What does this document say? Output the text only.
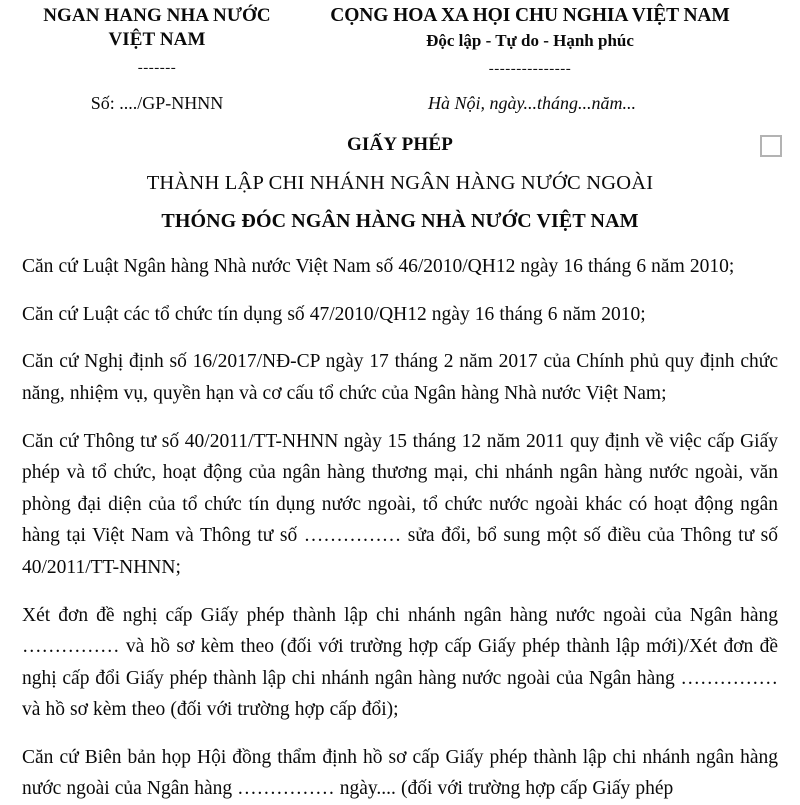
NGAN HANG NHA NƯỚC VIỆT NAM
-------
CỌNG HOA XA HỌI CHU NGHIA VIỆT NAM
Độc lập - Tự do - Hạnh phúc
---------------
Số: ..../GP-NHNN	Hà Nội, ngày...tháng...năm...
GIẤY PHÉP
THÀNH LẬP CHI NHÁNH NGÂN HÀNG NƯỚC NGOÀI
THÓNG ĐÓC NGÂN HÀNG NHÀ NƯỚC VIỆT NAM

Căn cứ Luật Ngân hàng Nhà nước Việt Nam số 46/2010/QH12 ngày 16 tháng 6 năm 2010;

Căn cứ Luật các tổ chức tín dụng số 47/2010/QH12 ngày 16 tháng 6 năm 2010;

Căn cứ Nghị định số 16/2017/NĐ-CP ngày 17 tháng 2 năm 2017 của Chính phủ quy định chức năng, nhiệm vụ, quyền hạn và cơ cấu tổ chức của Ngân hàng Nhà nước Việt Nam;

Căn cứ Thông tư số 40/2011/TT-NHNN ngày 15 tháng 12 năm 2011 quy định về việc cấp Giấy phép và tổ chức, hoạt động của ngân hàng thương mại, chi nhánh ngân hàng nước ngoài, văn phòng đại diện của tổ chức tín dụng nước ngoài, tổ chức nước ngoài khác có hoạt động ngân hàng tại Việt Nam và Thông tư số …………… sửa đổi, bổ sung một số điều của Thông tư số 40/2011/TT-NHNN;

Xét đơn đề nghị cấp Giấy phép thành lập chi nhánh ngân hàng nước ngoài của Ngân hàng …………… và hồ sơ kèm theo (đối với trường hợp cấp Giấy phép thành lập mới)/Xét đơn đề nghị cấp đổi Giấy phép thành lập chi nhánh ngân hàng nước ngoài của Ngân hàng …………… và hồ sơ kèm theo (đối với trường hợp cấp đổi);

Căn cứ Biên bản họp Hội đồng thẩm định hồ sơ cấp Giấy phép thành lập chi nhánh ngân hàng nước ngoài của Ngân hàng …………… ngày.... (đối với trường hợp cấp Giấy phép
